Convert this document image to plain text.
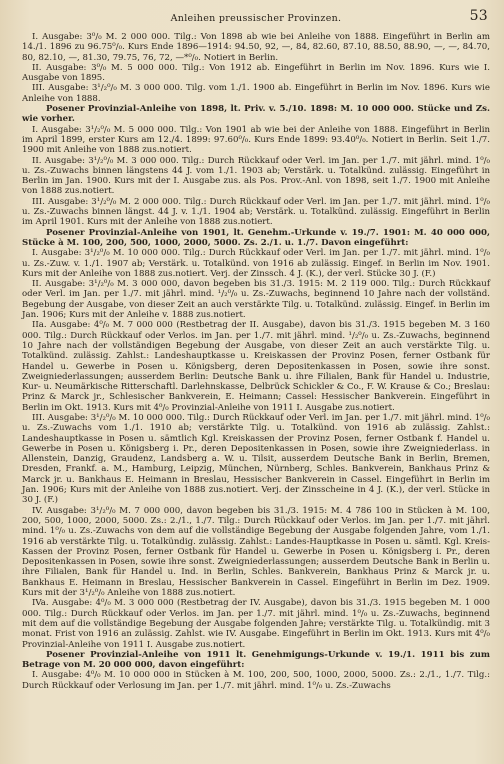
Anleihen preussischer Provinzen.	53

I. Ausgabe: 3⁰/₀ M. 2 000 000. Tilg.: Von 1898 ab wie bei Anleihe von 1888. Eingeführt in Berlin am 14./1. 1896 zu 96.75⁰/₀. Kurs Ende 1896—1914: 94.50, 92, —, 84, 82.60, 87.10, 88.50, 88.90, —, —, 84.70, 80, 82.10, —, 81.30, 79.75, 76, 72, —*⁰/₀. Notiert in Berlin.

II. Ausgabe: 3⁰/₀ M. 5 000 000. Tilg.: Von 1912 ab. Eingeführt in Berlin im Nov. 1896. Kurs wie I. Ausgabe von 1895.

III. Ausgabe: 3¹/₂⁰/₀ M. 3 000 000. Tilg. vom 1./1. 1900 ab. Eingeführt in Berlin im Nov. 1896. Kurs wie Anleihe von 1888.

Posener Provinzial-Anleihe von 1898, lt. Priv. v. 5./10. 1898: M. 10 000 000. Stücke und Zs. wie vorher.

I. Ausgabe: 3¹/₂⁰/₀ M. 5 000 000. Tilg.: Von 1901 ab wie bei der Anleihe von 1888. Eingeführt in Berlin im April 1899, erster Kurs am 12./4. 1899: 97.60⁰/₀. Kurs Ende 1899: 93.40⁰/₀. Notiert in Berlin. Seit 1./7. 1900 mit Anleihe von 1888 zus.notiert.

II. Ausgabe: 3¹/₂⁰/₀ M. 3 000 000. Tilg.: Durch Rückkauf oder Verl. im Jan. per 1./7. mit jährl. mind. 1⁰/₀ u. Zs.-Zuwachs binnen längstens 44 J. vom 1./1. 1903 ab; Verstärk. u. Totalkünd. zulässig. Eingeführt in Berlin im Jan. 1900. Kurs mit der I. Ausgabe zus. als Pos. Prov.-Anl. von 1898, seit 1./7. 1900 mit Anleihe von 1888 zus.notiert.

III. Ausgabe: 3¹/₂⁰/₀ M. 2 000 000. Tilg.: Durch Rückkauf oder Verl. im Jan. per 1./7. mit jährl. mind. 1⁰/₀ u. Zs.-Zuwachs binnen längst. 44 J. v. 1./1. 1904 ab; Verstärk. u. Totalkünd. zulässig. Eingeführt in Berlin im April 1901. Kurs mit der Anleihe von 1888 zus.notiert.

Posener Provinzial-Anleihe von 1901, lt. Genehm.-Urkunde v. 19./7. 1901: M. 40 000 000, Stücke à M. 100, 200, 500, 1000, 2000, 5000. Zs. 2./1. u. 1./7. Davon eingeführt:

I. Ausgabe: 3¹/₂⁰/₀ M. 10 000 000. Tilg.: Durch Rückkauf oder Verl. im Jan. per 1./7. mit jährl. mind. 1⁰/₀ u. Zs.-Zuw. v. 1./1. 1907 ab; Verstärk. u. Totalkünd. von 1916 ab zulässig. Eingef. in Berlin im Nov. 1901. Kurs mit der Anleihe von 1888 zus.notiert. Verj. der Zinssch. 4 J. (K.), der verl. Stücke 30 J. (F.)

II. Ausgabe: 3¹/₂⁰/₀ M. 3 000 000, davon begeben bis 31./3. 1915: M. 2 119 000. Tilg.: Durch Rückkauf oder Verl. im Jan. per 1./7. mit jährl. mind. ¹/₂⁰/₀ u. Zs.-Zuwachs, beginnend 10 Jahre nach der vollständ. Begebung der Ausgabe, von dieser Zeit an auch verstärkte Tilg. u. Totalkünd. zulässig. Eingef. in Berlin im Jan. 1906; Kurs mit der Anleihe v. 1888 zus.notiert.

IIa. Ausgabe: 4⁰/₀ M. 7 000 000 (Restbetrag der II. Ausgabe), davon bis 31./3. 1915 begeben M. 3 160 000. Tilg.: Durch Rückkauf oder Verlos. im Jan. per 1./7. mit jährl. mind. ¹/₂⁰/₀ u. Zs.-Zuwachs, beginnend 10 Jahre nach der vollständigen Begebung der Ausgabe, von dieser Zeit an auch verstärkte Tilg. u. Totalkünd. zulässig. Zahlst.: Landeshauptkasse u. Kreiskassen der Provinz Posen, ferner Ostbank für Handel u. Gewerbe in Posen u. Königsberg, deren Depositenkassen in Posen, sowie ihre sonst. Zweigniederlassungen; ausserdem Berlin: Deutsche Bank u. ihre Filialen, Bank für Handel u. Industrie, Kur- u. Neumärkische Ritterschaftl. Darlehnskasse, Delbrück Schickler & Co., F. W. Krause & Co.; Breslau: Prinz & Marck jr., Schlesischer Bankverein, E. Heimann; Cassel: Hessischer Bankverein. Eingeführt in Berlin im Okt. 1913. Kurs mit 4⁰/₀ Provinzial-Anleihe von 1911 I. Ausgabe zus.notiert.

III. Ausgabe: 3¹/₂⁰/₀ M. 10 000 000. Tilg.: Durch Rückkauf oder Verl. im Jan. per 1./7. mit jährl. mind. 1⁰/₀ u. Zs.-Zuwachs vom 1./1. 1910 ab; verstärkte Tilg. u. Totalkünd. von 1916 ab zulässig. Zahlst.: Landeshauptkasse in Posen u. sämtlich Kgl. Kreiskassen der Provinz Posen, ferner Ostbank f. Handel u. Gewerbe in Posen u. Königsberg i. Pr., deren Depositenkassen in Posen, sowie ihre Zweigniederlass. in Allenstein, Danzig, Graudenz, Landsberg a. W. u. Tilsit, ausserdem Deutsche Bank in Berlin, Bremen, Dresden, Frankf. a. M., Hamburg, Leipzig, München, Nürnberg, Schles. Bankverein, Bankhaus Prinz & Marck jr. u. Bankhaus E. Heimann in Breslau, Hessischer Bankverein in Cassel. Eingeführt in Berlin im Jan. 1906; Kurs mit der Anleihe von 1888 zus.notiert. Verj. der Zinsscheine in 4 J. (K.), der verl. Stücke in 30 J. (F.)

IV. Ausgabe: 3¹/₂⁰/₀ M. 7 000 000, davon begeben bis 31./3. 1915: M. 4 786 100 in Stücken à M. 100, 200, 500, 1000, 2000, 5000. Zs.: 2./1., 1./7. Tilg.: Durch Rückkauf oder Verlos. im Jan. per 1./7. mit jährl. mind. 1⁰/₀ u. Zs.-Zuwachs von dem auf die vollständige Begebung der Ausgabe folgenden Jahre, vom 1./1. 1916 ab verstärkte Tilg. u. Totalkündig. zulässig. Zahlst.: Landes-Hauptkasse in Posen u. sämtl. Kgl. Kreis-Kassen der Provinz Posen, ferner Ostbank für Handel u. Gewerbe in Posen u. Königsberg i. Pr., deren Depositenkassen in Posen, sowie ihre sonst. Zweigniederlassungen; ausserdem Deutsche Bank in Berlin u. ihre Filialen, Bank für Handel u. Ind. in Berlin, Schles. Bankverein, Bankhaus Prinz & Marck jr. u. Bankhaus E. Heimann in Breslau, Hessischer Bankverein in Cassel. Eingeführt in Berlin im Dez. 1909. Kurs mit der 3¹/₂⁰/₀ Anleihe von 1888 zus.notiert.

IVa. Ausgabe: 4⁰/₀ M. 3 000 000 (Restbetrag der IV. Ausgabe), davon bis 31./3. 1915 begeben M. 1 000 000. Tilg.: Durch Rückkauf oder Verlos. im Jan. per 1./7. mit jährl. mind. 1⁰/₀ u. Zs.-Zuwachs, beginnend mit dem auf die vollständige Begebung der Ausgabe folgenden Jahre; verstärkte Tilg. u. Totalkündig. mit 3 monat. Frist von 1916 an zulässig. Zahlst. wie IV. Ausgabe. Eingeführt in Berlin im Okt. 1913. Kurs mit 4⁰/₀ Provinzial-Anleihe von 1911 I. Ausgabe zus.notiert.

Posener Provinzial-Anleihe von 1911 lt. Genehmigungs-Urkunde v. 19./1. 1911 bis zum Betrage von M. 20 000 000, davon eingeführt:

I. Ausgabe: 4⁰/₀ M. 10 000 000 in Stücken à M. 100, 200, 500, 1000, 2000, 5000. Zs.: 2./1., 1./7. Tilg.: Durch Rückkauf oder Verlosung im Jan. per 1./7. mit jährl. mind. 1⁰/₀ u. Zs.-Zuwachs
